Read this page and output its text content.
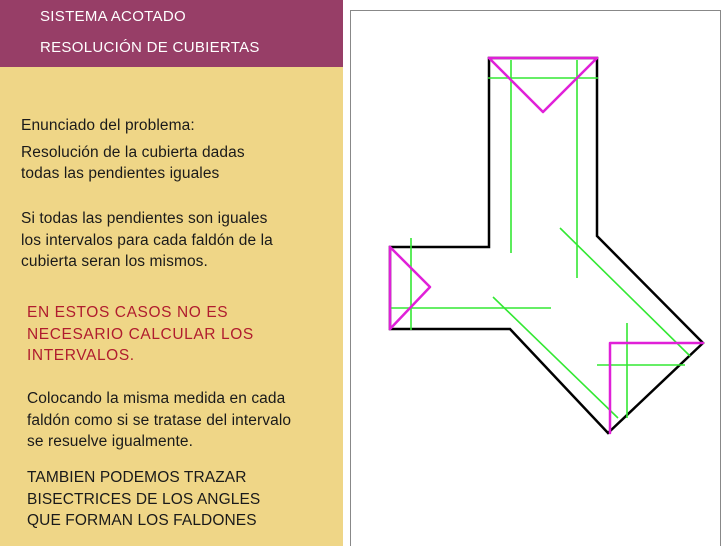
SISTEMA ACOTADO
RESOLUCIÓN DE CUBIERTAS
Enunciado del problema:
Resolución de la cubierta dadas
todas las pendientes iguales
Si todas las pendientes son iguales
los intervalos para cada faldón de la
cubierta seran los mismos.
EN ESTOS CASOS NO ES
NECESARIO CALCULAR LOS
INTERVALOS.
Colocando la misma medida en cada
faldón como si se tratase del intervalo
se resuelve igualmente.
TAMBIEN PODEMOS TRAZAR
BISECTRICES DE LOS ANGLES
QUE FORMAN LOS FALDONES
